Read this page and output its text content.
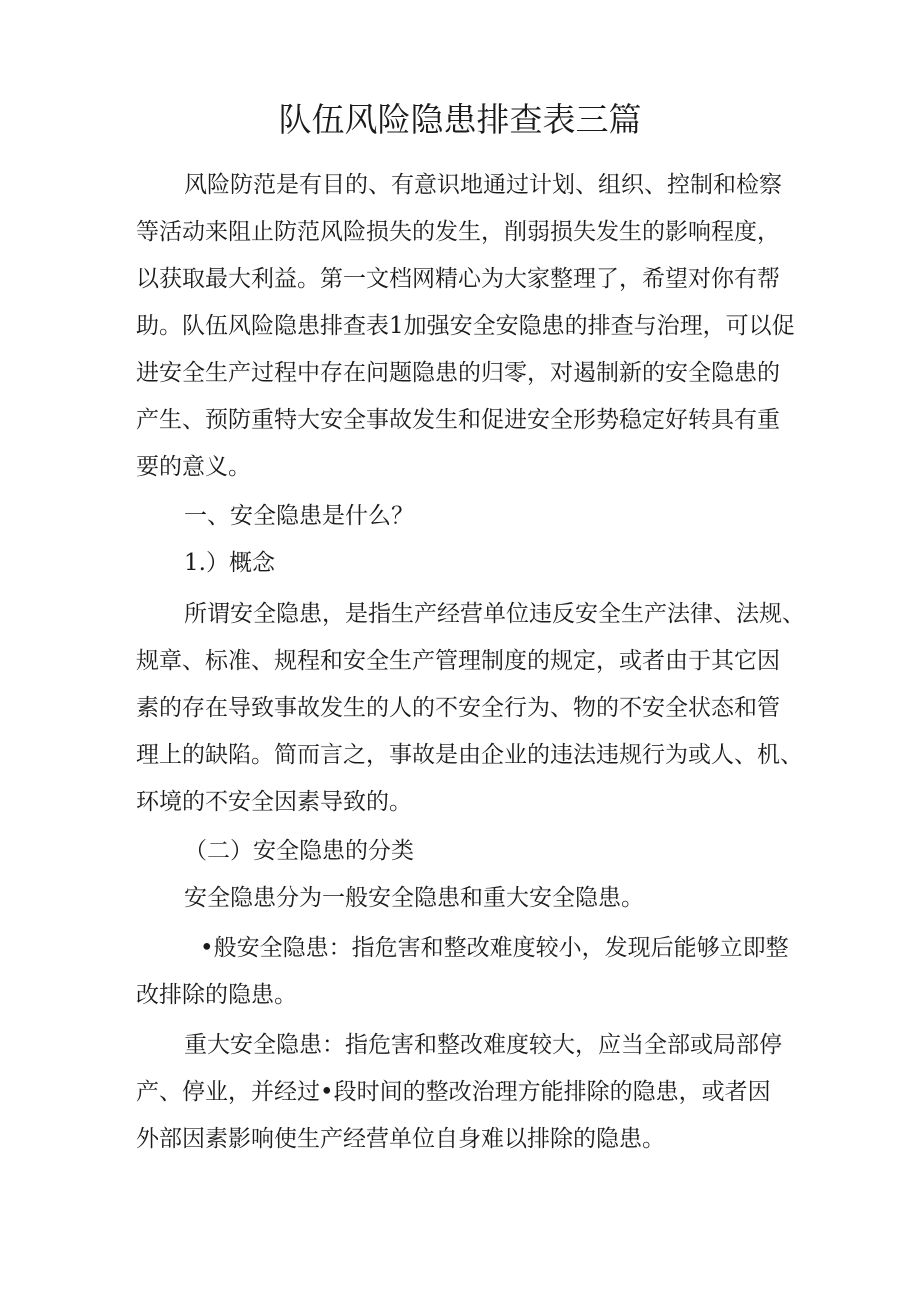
队伍风险隐患排查表三篇

风险防范是有目的、有意识地通过计划、组织、控制和检察

等活动来阻止防范风险损失的发生，削弱损失发生的影响程度，

以获取最大利益。第一文档网精心为大家整理了，希望对你有帮

助。队伍风险隐患排查表1加强安全安隐患的排查与治理，可以促

进安全生产过程中存在问题隐患的归零，对遏制新的安全隐患的

产生、预防重特大安全事故发生和促进安全形势稳定好转具有重

要的意义。

一、安全隐患是什么？

1.）概念

所谓安全隐患，是指生产经营单位违反安全生产法律、法规、

规章、标准、规程和安全生产管理制度的规定，或者由于其它因

素的存在导致事故发生的人的不安全行为、物的不安全状态和管

理上的缺陷。简而言之，事故是由企业的违法违规行为或人、机、

环境的不安全因素导致的。

（二）安全隐患的分类

安全隐患分为一般安全隐患和重大安全隐患。

•般安全隐患：指危害和整改难度较小，发现后能够立即整

改排除的隐患。

重大安全隐患：指危害和整改难度较大，应当全部或局部停

产、停业，并经过•段时间的整改治理方能排除的隐患，或者因

外部因素影响使生产经营单位自身难以排除的隐患。
